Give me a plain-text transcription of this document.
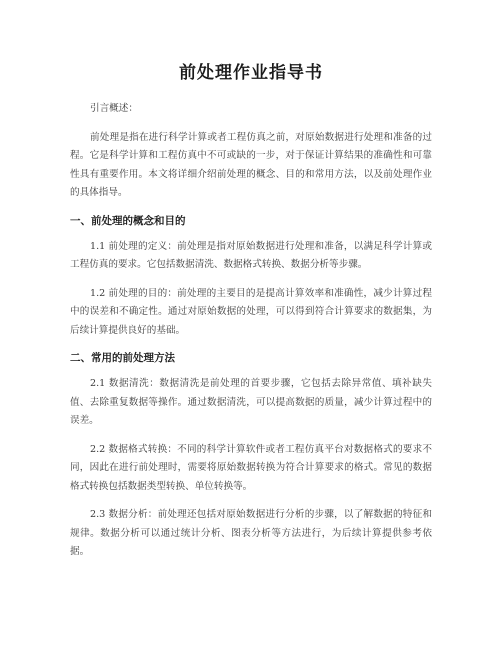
前处理作业指导书

引言概述：

前处理是指在进行科学计算或者工程仿真之前，对原始数据进行处理和准备的过程。它是科学计算和工程仿真中不可或缺的一步，对于保证计算结果的准确性和可靠性具有重要作用。本文将详细介绍前处理的概念、目的和常用方法，以及前处理作业的具体指导。

一、前处理的概念和目的

1.1 前处理的定义：前处理是指对原始数据进行处理和准备，以满足科学计算或工程仿真的要求。它包括数据清洗、数据格式转换、数据分析等步骤。

1.2 前处理的目的：前处理的主要目的是提高计算效率和准确性，减少计算过程中的误差和不确定性。通过对原始数据的处理，可以得到符合计算要求的数据集，为后续计算提供良好的基础。

二、常用的前处理方法

2.1 数据清洗：数据清洗是前处理的首要步骤，它包括去除异常值、填补缺失值、去除重复数据等操作。通过数据清洗，可以提高数据的质量，减少计算过程中的误差。

2.2 数据格式转换：不同的科学计算软件或者工程仿真平台对数据格式的要求不同，因此在进行前处理时，需要将原始数据转换为符合计算要求的格式。常见的数据格式转换包括数据类型转换、单位转换等。

2.3 数据分析：前处理还包括对原始数据进行分析的步骤，以了解数据的特征和规律。数据分析可以通过统计分析、图表分析等方法进行，为后续计算提供参考依据。
